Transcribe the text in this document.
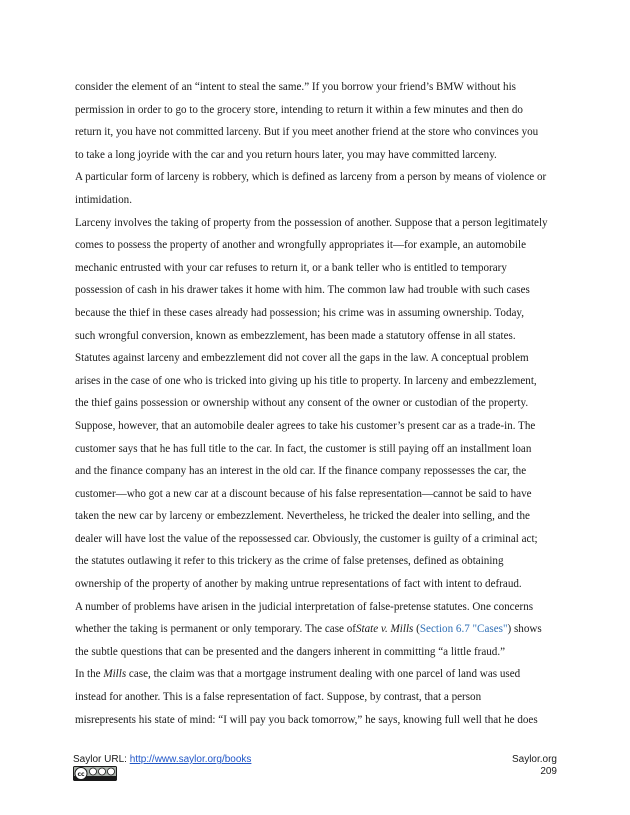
consider the element of an “intent to steal the same.” If you borrow your friend’s BMW without his

permission in order to go to the grocery store, intending to return it within a few minutes and then do

return it, you have not committed larceny. But if you meet another friend at the store who convinces you

to take a long joyride with the car and you return hours later, you may have committed larceny.

A particular form of larceny is robbery, which is defined as larceny from a person by means of violence or

intimidation.

Larceny involves the taking of property from the possession of another. Suppose that a person legitimately

comes to possess the property of another and wrongfully appropriates it—for example, an automobile

mechanic entrusted with your car refuses to return it, or a bank teller who is entitled to temporary

possession of cash in his drawer takes it home with him. The common law had trouble with such cases

because the thief in these cases already had possession; his crime was in assuming ownership. Today,

such wrongful conversion, known as embezzlement, has been made a statutory offense in all states.

Statutes against larceny and embezzlement did not cover all the gaps in the law. A conceptual problem

arises in the case of one who is tricked into giving up his title to property. In larceny and embezzlement,

the thief gains possession or ownership without any consent of the owner or custodian of the property.

Suppose, however, that an automobile dealer agrees to take his customer’s present car as a trade-in. The

customer says that he has full title to the car. In fact, the customer is still paying off an installment loan

and the finance company has an interest in the old car. If the finance company repossesses the car, the

customer—who got a new car at a discount because of his false representation—cannot be said to have

taken the new car by larceny or embezzlement. Nevertheless, he tricked the dealer into selling, and the

dealer will have lost the value of the repossessed car. Obviously, the customer is guilty of a criminal act;

the statutes outlawing it refer to this trickery as the crime of false pretenses, defined as obtaining

ownership of the property of another by making untrue representations of fact with intent to defraud.

A number of problems have arisen in the judicial interpretation of false-pretense statutes. One concerns

whether the taking is permanent or only temporary. The case ofState v. Mills (Section 6.7 "Cases") shows

the subtle questions that can be presented and the dangers inherent in committing “a little fraud.”

In the Mills case, the claim was that a mortgage instrument dealing with one parcel of land was used

instead for another. This is a false representation of fact. Suppose, by contrast, that a person

misrepresents his state of mind: “I will pay you back tomorrow,” he says, knowing full well that he does

Saylor URL: http://www.saylor.org/books
cc
Saylor.org
209
